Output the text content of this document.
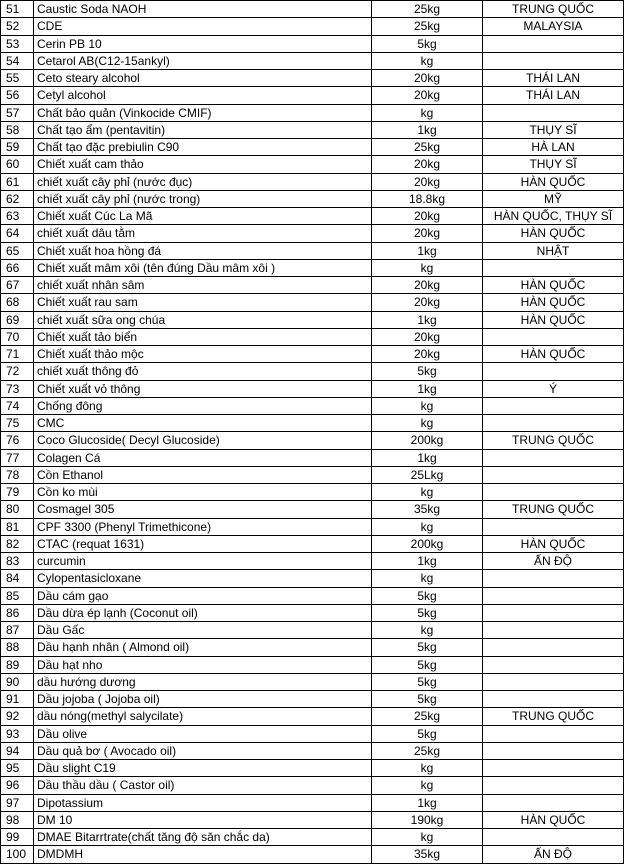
51	Caustic Soda NAOH	25kg	TRUNG QUỐC
52	CDE	25kg	MALAYSIA
53	Cerin PB 10	5kg	
54	Cetarol AB(C12-15ankyl)	kg	
55	Ceto steary alcohol	20kg	THÁI LAN
56	Cetyl alcohol	20kg	THÁI LAN
57	Chất bảo quản (Vinkocide CMIF)	kg	
58	Chất tạo ẩm (pentavitin)	1kg	THỤY SĨ
59	Chất tạo đặc prebiulin C90	25kg	HÀ LAN
60	Chiết xuất cam thảo	20kg	THỤY SĨ
61	chiết xuất cây phỉ (nước đục)	20kg	HÀN QUỐC
62	chiết xuất cây phỉ (nước trong)	18.8kg	MỸ
63	Chiết xuất Cúc La Mã	20kg	HÀN QUỐC, THỤY SĨ
64	chiết xuất dâu tằm	20kg	HÀN QUỐC
65	Chiết xuất hoa hồng đá	1kg	NHẬT
66	Chiết xuất mâm xôi (tên đúng Dầu mâm xôi )	kg	
67	chiết xuất nhân sâm	20kg	HÀN QUỐC
68	Chiết xuất rau sam	20kg	HÀN QUỐC
69	chiết xuất sữa ong chúa	1kg	HÀN QUỐC
70	Chiết xuất tảo biển	20kg	
71	Chiết xuất thảo mộc	20kg	HÀN QUỐC
72	chiết xuất thông đỏ	5kg	
73	Chiết xuất vỏ thông	1kg	Ý
74	Chống đông	kg	
75	CMC	kg	
76	Coco Glucoside( Decyl Glucoside)	200kg	TRUNG QUỐC
77	Colagen Cá	1kg	
78	Cồn Ethanol	25Lkg	
79	Cồn ko mùi	kg	
80	Cosmagel 305	35kg	TRUNG QUỐC
81	CPF 3300 (Phenyl Trimethicone)	kg	
82	CTAC (requat 1631)	200kg	HÀN QUỐC
83	curcumin	1kg	ẤN ĐỘ
84	Cylopentasicloxane	kg	
85	Dầu cám gạo	5kg	
86	Dầu dừa ép lạnh (Coconut oil)	5kg	
87	Dầu Gấc	kg	
88	Dầu hạnh nhân ( Almond oil)	5kg	
89	Dầu hạt nho	5kg	
90	dầu hướng dương	5kg	
91	Dầu jojoba ( Jojoba oil)	5kg	
92	dầu nóng(methyl salycilate)	25kg	TRUNG QUỐC
93	Dầu olive	5kg	
94	Dầu quả bơ ( Avocado oil)	25kg	
95	Dầu slight C19	kg	
96	Dầu thầu dầu ( Castor oil)	kg	
97	Dipotassium	1kg	
98	DM 10	190kg	HÀN QUỐC
99	DMAE Bitarrtrate(chất tăng độ săn chắc da)	kg	
100	DMDMH	35kg	ẤN ĐỘ
